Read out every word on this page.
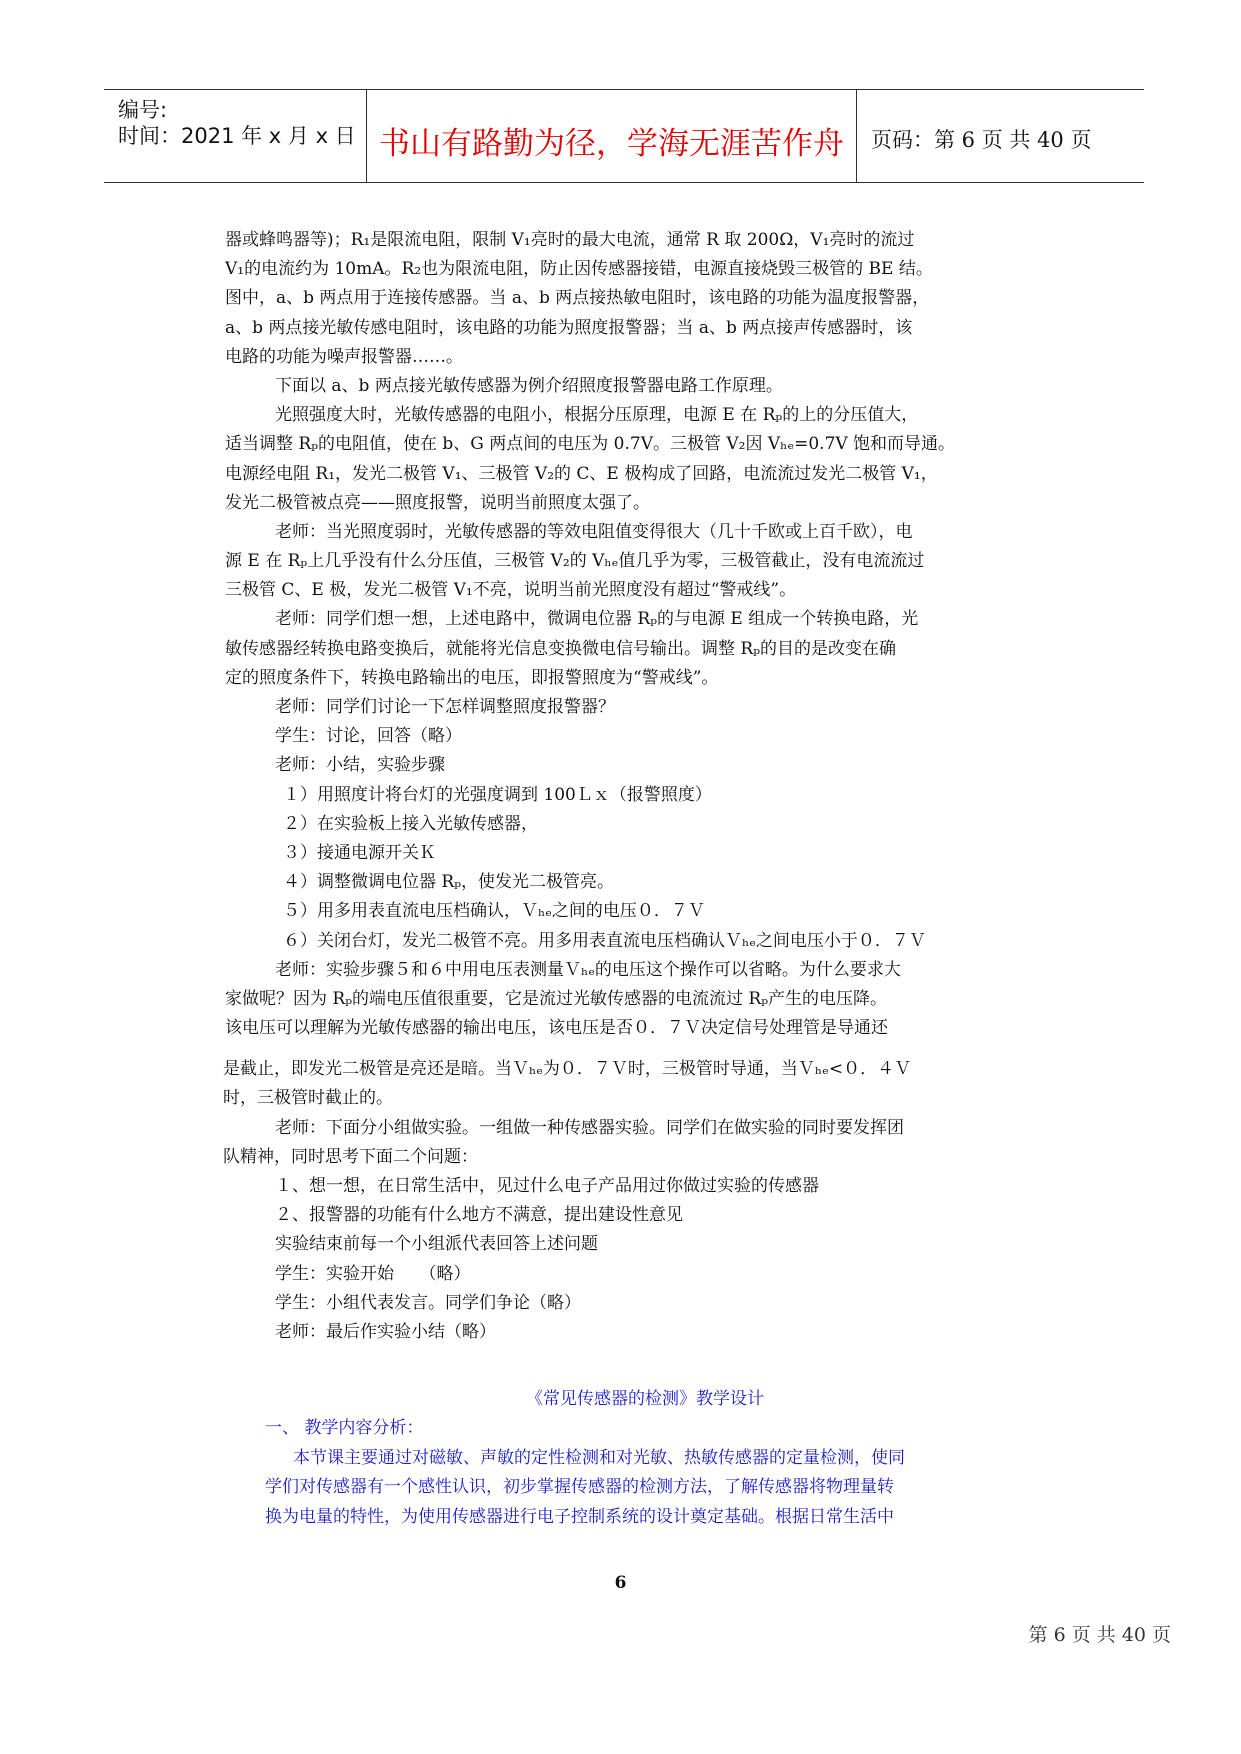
编号:
时间：2021 年 x 月 x 日 书山有路勤为径，学海无涯苦作舟	页码：第 6 页 共 40 页
器或蜂鸣器等)；R₁是限流电阻，限制 V₁亮时的最大电流，通常 R 取 200Ω，V₁亮时的流过
V₁的电流约为 10mA。R₂也为限流电阻，防止因传感器接错，电源直接烧毁三极管的 BE 结。
图中，a、b 两点用于连接传感器。当 a、b 两点接热敏电阻时，该电路的功能为温度报警器，
a、b 两点接光敏传感电阻时，该电路的功能为照度报警器；当 a、b 两点接声传感器时，该
电路的功能为噪声报警器……。
下面以 a、b 两点接光敏传感器为例介绍照度报警器电路工作原理。
光照强度大时，光敏传感器的电阻小，根据分压原理，电源 E 在 Rₚ的上的分压值大，
适当调整 Rₚ的电阻值，使在 b、G 两点间的电压为 0.7V。三极管 V₂因 Vₕₑ=0.7V 饱和而导通。
电源经电阻 R₁，发光二极管 V₁、三极管 V₂的 C、E 极构成了回路，电流流过发光二极管 V₁，
发光二极管被点亮——照度报警，说明当前照度太强了。
老师：当光照度弱时，光敏传感器的等效电阻值变得很大（几十千欧或上百千欧），电
源 E 在 Rₚ上几乎没有什么分压值，三极管 V₂的 Vₕₑ值几乎为零，三极管截止，没有电流流过
三极管 C、E 极，发光二极管 V₁不亮，说明当前光照度没有超过“警戒线”。
老师：同学们想一想，上述电路中，微调电位器 Rₚ的与电源 E 组成一个转换电路，光
敏传感器经转换电路变换后，就能将光信息变换微电信号输出。调整 Rₚ的目的是改变在确
定的照度条件下，转换电路输出的电压，即报警照度为“警戒线”。
老师：同学们讨论一下怎样调整照度报警器？
学生：讨论，回答（略）
老师：小结，实验步骤
１）用照度计将台灯的光强度调到 100Ｌｘ（报警照度）
２）在实验板上接入光敏传感器，
３）接通电源开关Ｋ
４）调整微调电位器 Rₚ，使发光二极管亮。
５）用多用表直流电压档确认，Ｖₕₑ之间的电压０．７Ｖ
６）关闭台灯，发光二极管不亮。用多用表直流电压档确认Ｖₕₑ之间电压小于０．７Ｖ
老师：实验步骤５和６中用电压表测量Ｖₕₑ的电压这个操作可以省略。为什么要求大
家做呢？因为 Rₚ的端电压值很重要，它是流过光敏传感器的电流流过 Rₚ产生的电压降。
该电压可以理解为光敏传感器的输出电压，该电压是否０．７Ｖ决定信号处理管是导通还
是截止，即发光二极管是亮还是暗。当Ｖₕₑ为０．７Ｖ时，三极管时导通，当Ｖₕₑ<０．４Ｖ
时，三极管时截止的。
老师：下面分小组做实验。一组做一种传感器实验。同学们在做实验的同时要发挥团
队精神，同时思考下面二个问题：
１、想一想，在日常生活中，见过什么电子产品用过你做过实验的传感器
２、报警器的功能有什么地方不满意，提出建设性意见
实验结束前每一个小组派代表回答上述问题
学生：实验开始　　（略）
学生：小组代表发言。同学们争论（略）
老师：最后作实验小结（略）
《常见传感器的检测》教学设计
一、 教学内容分析：
本节课主要通过对磁敏、声敏的定性检测和对光敏、热敏传感器的定量检测，使同
学们对传感器有一个感性认识，初步掌握传感器的检测方法，了解传感器将物理量转
换为电量的特性，为使用传感器进行电子控制系统的设计奠定基础。根据日常生活中
6
第 6 页 共 40 页
